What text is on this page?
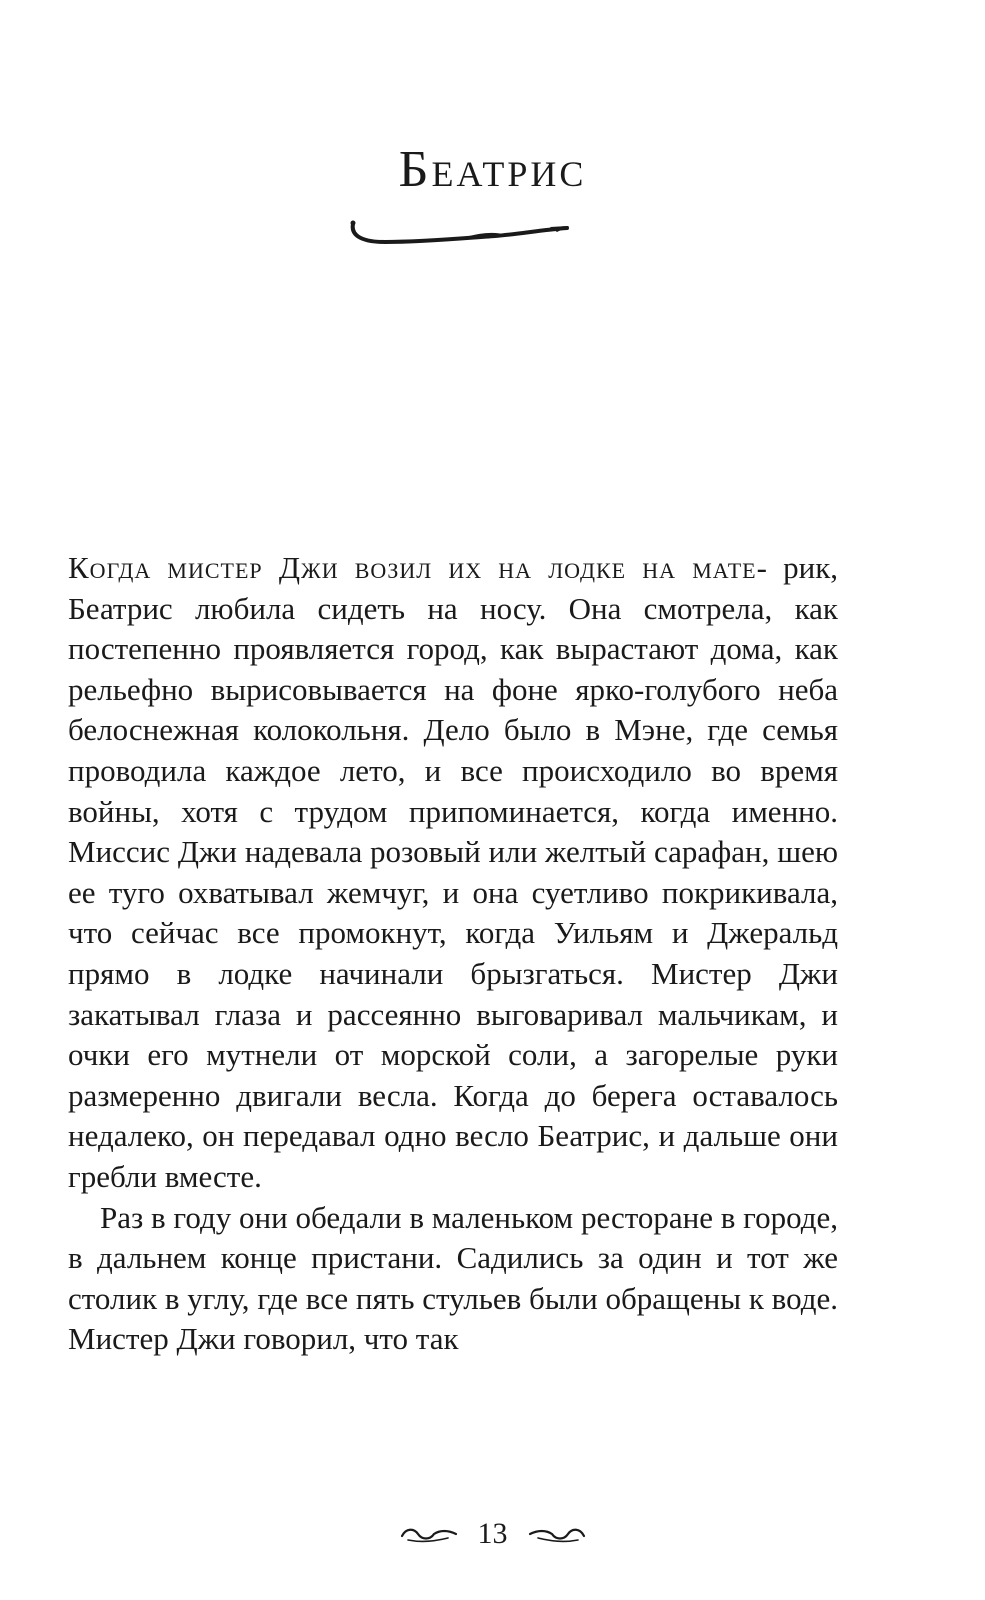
Беатрис

Когда мистер Джи возил их на лодке на мате- рик, Беатрис любила сидеть на носу. Она смотрела, как постепенно проявляется город, как вырастают дома, как рельефно вырисовывается на фоне ярко-голубого неба белоснежная колокольня. Дело было в Мэне, где семья проводила каждое лето, и все происходило во время войны, хотя с трудом припоминается, когда именно. Миссис Джи надевала розовый или желтый сарафан, шею ее туго охватывал жемчуг, и она суетливо покрикивала, что сейчас все промокнут, когда Уильям и Джеральд прямо в лодке начинали брызгаться. Мистер Джи закатывал глаза и рассеянно выговаривал мальчикам, и очки его мутнели от морской соли, а загорелые руки размеренно двигали весла. Когда до берега оставалось недалеко, он передавал одно весло Беатрис, и дальше они гребли вместе.

Раз в году они обедали в маленьком ресторане в городе, в дальнем конце пристани. Садились за один и тот же столик в углу, где все пять стульев были обращены к воде. Мистер Джи говорил, что так

13
